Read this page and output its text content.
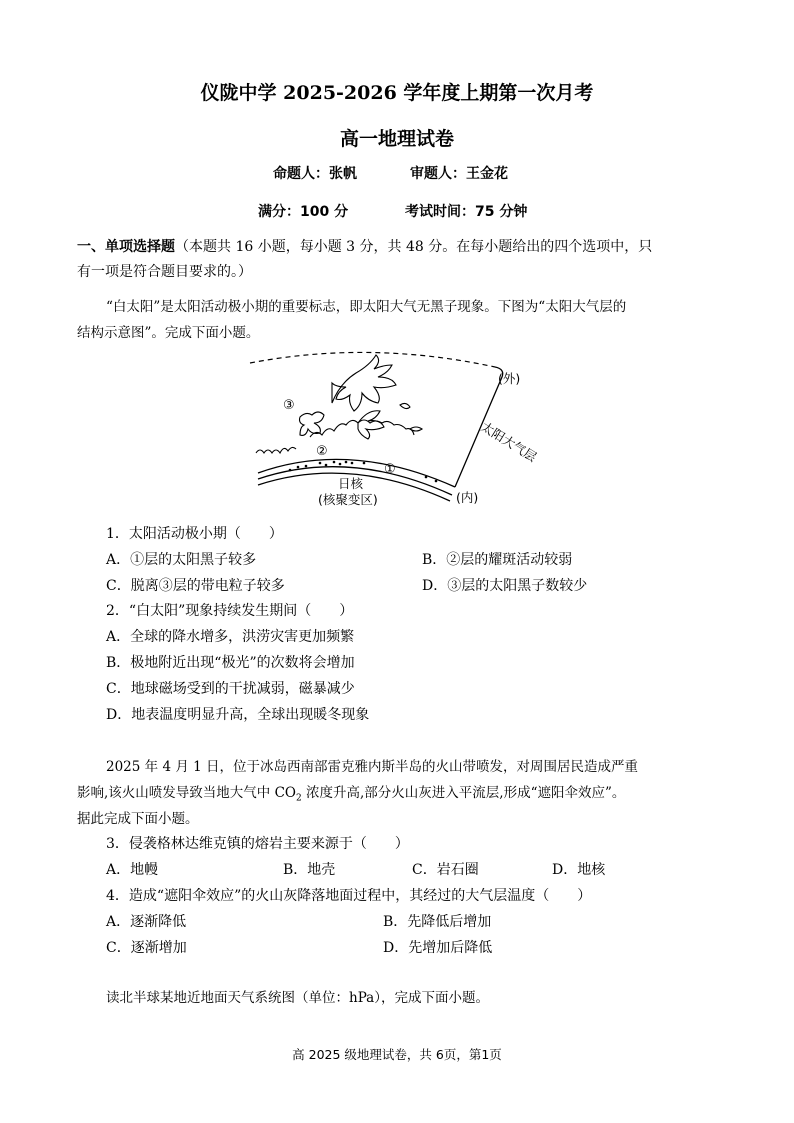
仪陇中学 2025-2026 学年度上期第一次月考
高一地理试卷
命题人：张帆	审题人：王金花
满分：100 分	考试时间：75 分钟
一、单项选择题（本题共 16 小题，每小题 3 分，共 48 分。在每小题给出的四个选项中，只
有一项是符合题目要求的。）
“白太阳”是太阳活动极小期的重要标志，即太阳大气无黑子现象。下图为“太阳大气层的
结构示意图”。完成下面小题。
(外)
(内)
太阳大气层
日核
(核聚变区)
①
②
③
1．太阳活动极小期（　　）
A．①层的太阳黑子较多	B．②层的耀斑活动较弱
C．脱离③层的带电粒子较多	D．③层的太阳黑子数较少
2．“白太阳”现象持续发生期间（　　）
A．全球的降水增多，洪涝灾害更加频繁
B．极地附近出现“极光”的次数将会增加
C．地球磁场受到的干扰减弱，磁暴减少
D．地表温度明显升高，全球出现暖冬现象
2025 年 4 月 1 日，位于冰岛西南部雷克雅内斯半岛的火山带喷发，对周围居民造成严重
影响,该火山喷发导致当地大气中 $CO_2$ 浓度升高,部分火山灰进入平流层,形成“遮阳伞效应”。
据此完成下面小题。
3．侵袭格林达维克镇的熔岩主要来源于（　　）
A．地幔	B．地壳	C．岩石圈	D．地核
4．造成“遮阳伞效应”的火山灰降落地面过程中，其经过的大气层温度（　　）
A．逐渐降低	B．先降低后增加
C．逐渐增加	D．先增加后降低
读北半球某地近地面天气系统图（单位：hPa），完成下面小题。
高 2025 级地理试卷，共 6页，第1页
